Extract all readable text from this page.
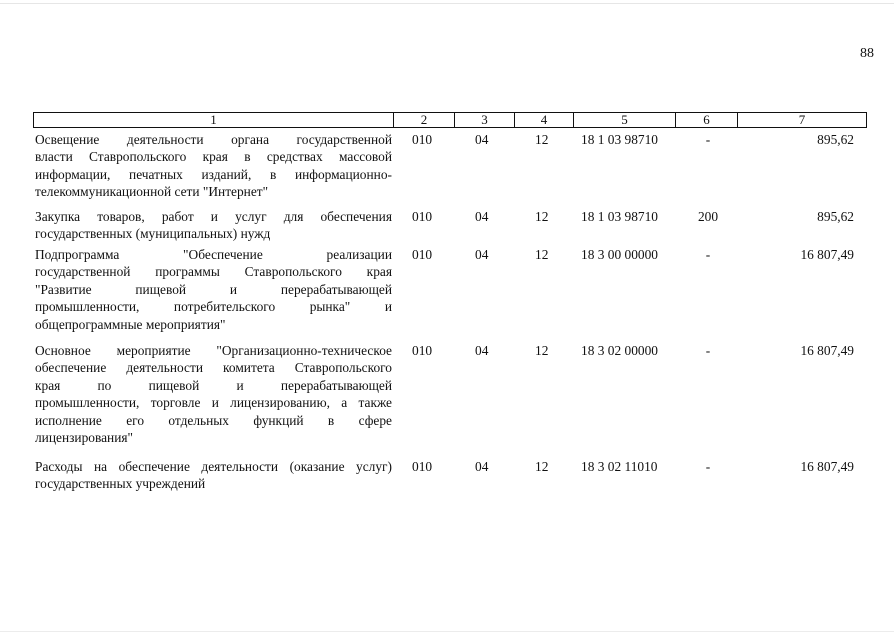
88
1	2	3	4	5	6	7
Освещение деятельности органа государственной
власти Ставропольского края в средствах массовой
информации, печатных изданий, в информационно-
телекоммуникационной сети "Интернет"
010	04	12 18 1 03 98710	-	895,62
Закупка товаров, работ и услуг для обеспечения
государственных (муниципальных) нужд
010	04	12 18 1 03 98710	200	895,62
Подпрограмма "Обеспечение реализации
государственной программы Ставропольского края
"Развитие пищевой и перерабатывающей
промышленности, потребительского рынка" и
общепрограммные мероприятия"
010	04	12 18 3 00 00000	-	16 807,49
Основное мероприятие "Организационно-техническое
обеспечение деятельности комитета Ставропольского
края по пищевой и перерабатывающей
промышленности, торговле и лицензированию, а также
исполнение его отдельных функций в сфере
лицензирования"
010	04	12 18 3 02 00000	-	16 807,49
Расходы на обеспечение деятельности (оказание услуг)
государственных учреждений
010	04	12 18 3 02 11010	-	16 807,49
